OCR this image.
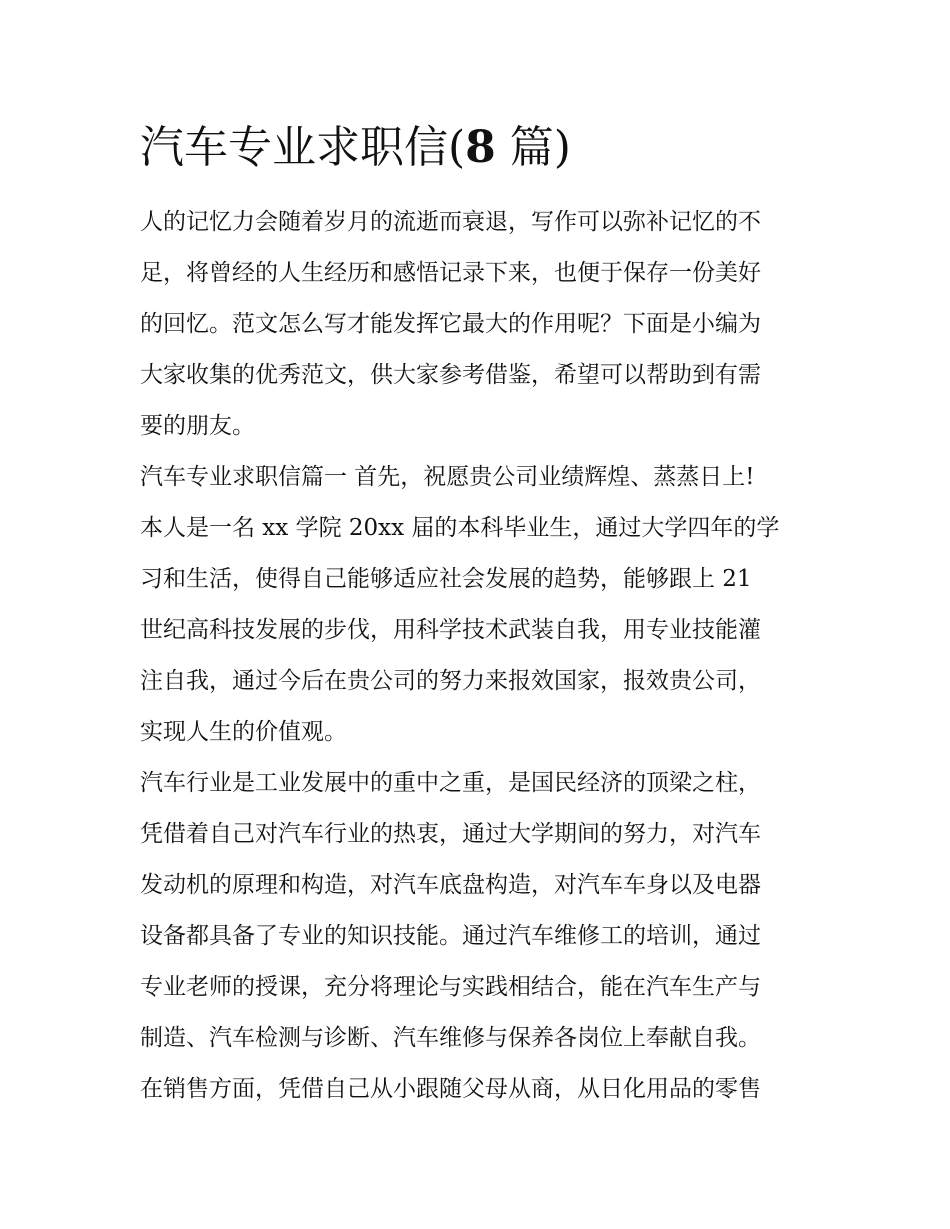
汽车专业求职信(8 篇)
人的记忆力会随着岁月的流逝而衰退，写作可以弥补记忆的不
足，将曾经的人生经历和感悟记录下来，也便于保存一份美好
的回忆。范文怎么写才能发挥它最大的作用呢？下面是小编为
大家收集的优秀范文，供大家参考借鉴，希望可以帮助到有需
要的朋友。
汽车专业求职信篇一 首先，祝愿贵公司业绩辉煌、蒸蒸日上!
本人是一名 xx 学院 20xx 届的本科毕业生，通过大学四年的学
习和生活，使得自己能够适应社会发展的趋势，能够跟上 21
世纪高科技发展的步伐，用科学技术武装自我，用专业技能灌
注自我，通过今后在贵公司的努力来报效国家，报效贵公司，
实现人生的价值观。
汽车行业是工业发展中的重中之重，是国民经济的顶梁之柱，
凭借着自己对汽车行业的热衷，通过大学期间的努力，对汽车
发动机的原理和构造，对汽车底盘构造，对汽车车身以及电器
设备都具备了专业的知识技能。通过汽车维修工的培训，通过
专业老师的授课，充分将理论与实践相结合，能在汽车生产与
制造、汽车检测与诊断、汽车维修与保养各岗位上奉献自我。
在销售方面，凭借自己从小跟随父母从商，从日化用品的零售
